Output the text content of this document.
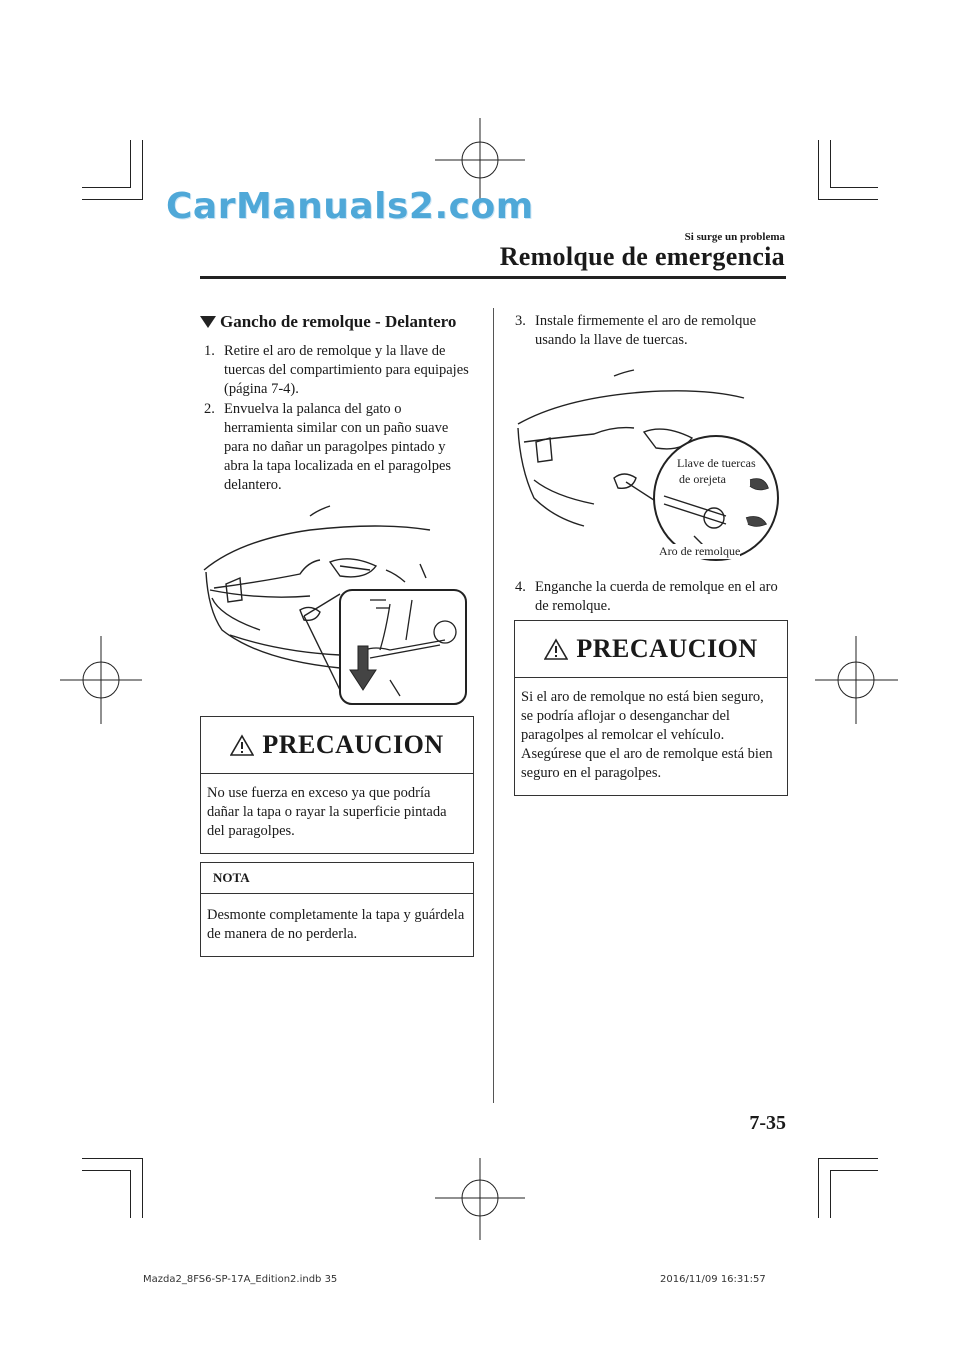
CarManuals2.com
Si surge un problema
Remolque de emergencia
Gancho de remolque - Delantero
1. Retire el aro de remolque y la llave de tuercas del compartimiento para equipajes (página 7-4).
2. Envuelva la palanca del gato o herramienta similar con un paño suave para no dañar un paragolpes pintado y abra la tapa localizada en el paragolpes delantero.
PRECAUCION
No use fuerza en exceso ya que podría dañar la tapa o rayar la superficie pintada del paragolpes.
NOTA
Desmonte completamente la tapa y guárdela de manera de no perderla.
3. Instale firmemente el aro de remolque usando la llave de tuercas.
Llave de tuercas
de orejeta
Aro de remolque
4. Enganche la cuerda de remolque en el aro de remolque.
PRECAUCION
Si el aro de remolque no está bien seguro, se podría aflojar o desenganchar del paragolpes al remolcar el vehículo. Asegúrese que el aro de remolque está bien seguro en el paragolpes.
7-35
Mazda2_8FS6-SP-17A_Edition2.indb 35	2016/11/09 16:31:57
